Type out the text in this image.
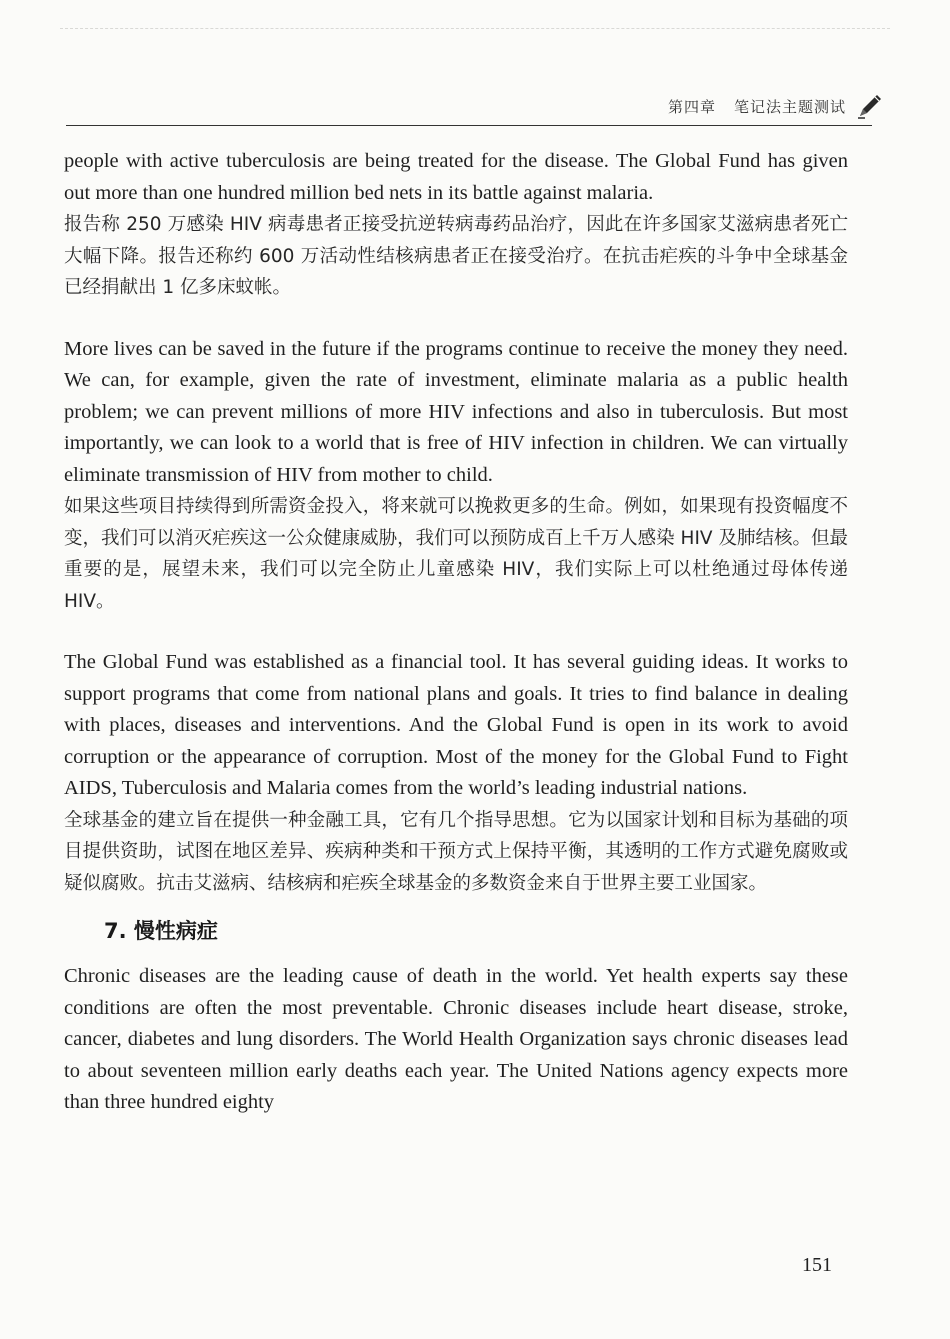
第四章 笔记法主题测试

people with active tuberculosis are being treated for the disease. The Global Fund has given out more than one hundred million bed nets in its battle against malaria.

报告称 250 万感染 HIV 病毒患者正接受抗逆转病毒药品治疗，因此在许多国家艾滋病患者死亡大幅下降。报告还称约 600 万活动性结核病患者正在接受治疗。在抗击疟疾的斗争中全球基金已经捐献出 1 亿多床蚊帐。

More lives can be saved in the future if the programs continue to receive the money they need. We can, for example, given the rate of investment, eliminate malaria as a public health problem; we can prevent millions of more HIV infections and also in tuberculosis. But most importantly, we can look to a world that is free of HIV infection in children. We can virtually eliminate transmission of HIV from mother to child.

如果这些项目持续得到所需资金投入，将来就可以挽救更多的生命。例如，如果现有投资幅度不变，我们可以消灭疟疾这一公众健康威胁，我们可以预防成百上千万人感染 HIV 及肺结核。但最重要的是，展望未来，我们可以完全防止儿童感染 HIV，我们实际上可以杜绝通过母体传递 HIV。

The Global Fund was established as a financial tool. It has several guiding ideas. It works to support programs that come from national plans and goals. It tries to find balance in dealing with places, diseases and interventions. And the Global Fund is open in its work to avoid corruption or the appearance of corruption. Most of the money for the Global Fund to Fight AIDS, Tuberculosis and Malaria comes from the world’s leading industrial nations.

全球基金的建立旨在提供一种金融工具，它有几个指导思想。它为以国家计划和目标为基础的项目提供资助，试图在地区差异、疾病种类和干预方式上保持平衡，其透明的工作方式避免腐败或疑似腐败。抗击艾滋病、结核病和疟疾全球基金的多数资金来自于世界主要工业国家。

7. 慢性病症

Chronic diseases are the leading cause of death in the world. Yet health experts say these conditions are often the most preventable. Chronic diseases include heart disease, stroke, cancer, diabetes and lung disorders. The World Health Organization says chronic diseases lead to about seventeen million early deaths each year. The United Nations agency expects more than three hundred eighty

151
